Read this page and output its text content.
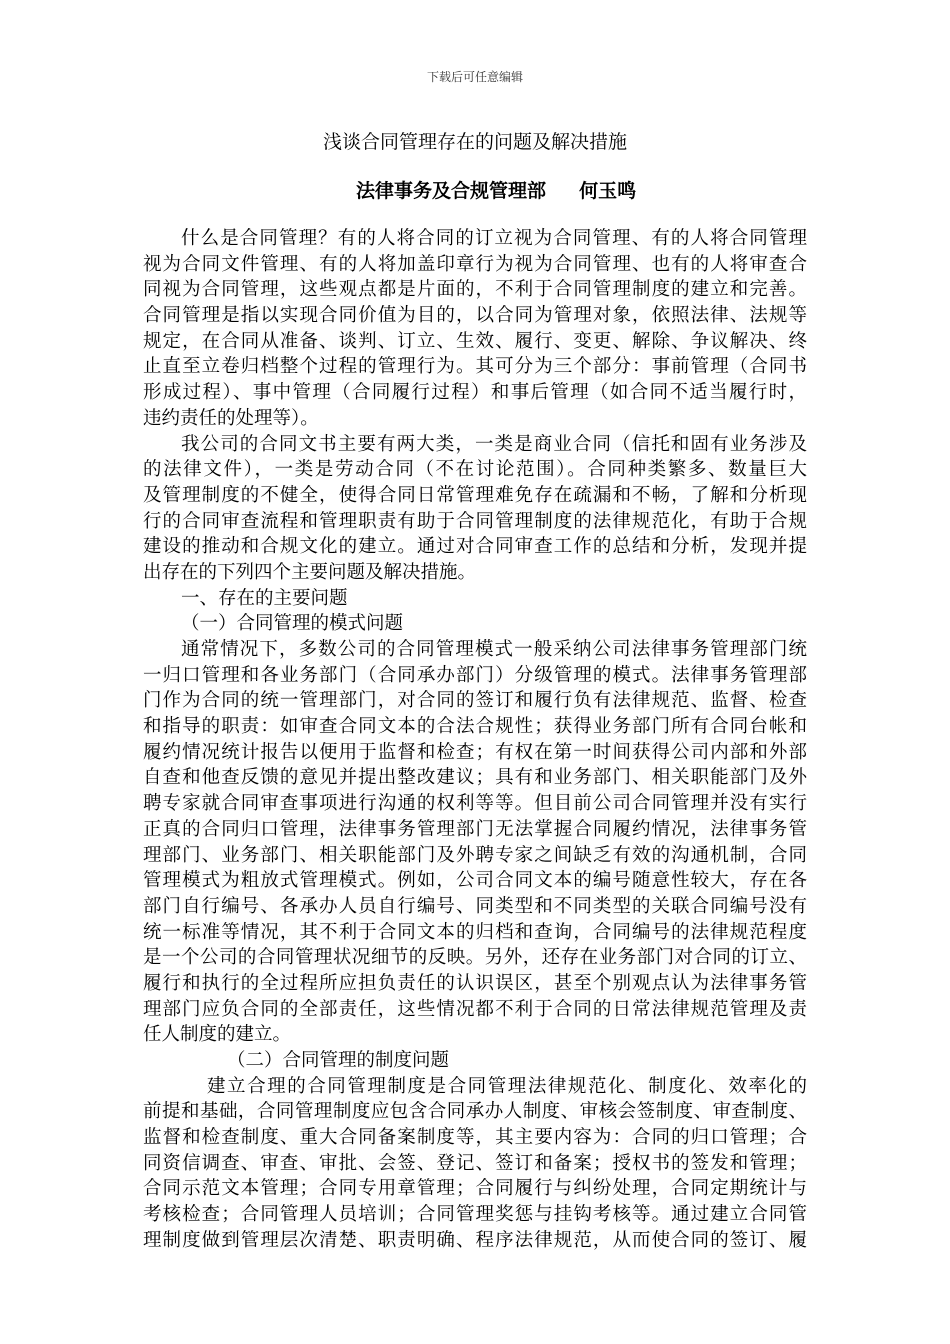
下载后可任意编辑
浅谈合同管理存在的问题及解决措施
法律事务及合规管理部     何玉鸣
什么是合同管理？有的人将合同的订立视为合同管理、有的人将合同管理
视为合同文件管理、有的人将加盖印章行为视为合同管理、也有的人将审查合
同视为合同管理，这些观点都是片面的，不利于合同管理制度的建立和完善。
合同管理是指以实现合同价值为目的，以合同为管理对象，依照法律、法规等
规定，在合同从准备、谈判、订立、生效、履行、变更、解除、争议解决、终
止直至立卷归档整个过程的管理行为。其可分为三个部分：事前管理（合同书
形成过程）、事中管理（合同履行过程）和事后管理（如合同不适当履行时，
违约责任的处理等）。
我公司的合同文书主要有两大类，一类是商业合同（信托和固有业务涉及
的法律文件），一类是劳动合同（不在讨论范围）。合同种类繁多、数量巨大
及管理制度的不健全，使得合同日常管理难免存在疏漏和不畅，了解和分析现
行的合同审查流程和管理职责有助于合同管理制度的法律规范化，有助于合规
建设的推动和合规文化的建立。通过对合同审查工作的总结和分析，发现并提
出存在的下列四个主要问题及解决措施。
一、存在的主要问题
（一）合同管理的模式问题
通常情况下，多数公司的合同管理模式一般采纳公司法律事务管理部门统
一归口管理和各业务部门（合同承办部门）分级管理的模式。法律事务管理部
门作为合同的统一管理部门，对合同的签订和履行负有法律规范、监督、检查
和指导的职责：如审查合同文本的合法合规性；获得业务部门所有合同台帐和
履约情况统计报告以便用于监督和检查；有权在第一时间获得公司内部和外部
自查和他查反馈的意见并提出整改建议；具有和业务部门、相关职能部门及外
聘专家就合同审查事项进行沟通的权利等等。但目前公司合同管理并没有实行
正真的合同归口管理，法律事务管理部门无法掌握合同履约情况，法律事务管
理部门、业务部门、相关职能部门及外聘专家之间缺乏有效的沟通机制，合同
管理模式为粗放式管理模式。例如，公司合同文本的编号随意性较大，存在各
部门自行编号、各承办人员自行编号、同类型和不同类型的关联合同编号没有
统一标准等情况，其不利于合同文本的归档和查询，合同编号的法律规范程度
是一个公司的合同管理状况细节的反映。另外，还存在业务部门对合同的订立、
履行和执行的全过程所应担负责任的认识误区，甚至个别观点认为法律事务管
理部门应负合同的全部责任，这些情况都不利于合同的日常法律规范管理及责
任人制度的建立。
（二）合同管理的制度问题
建立合理的合同管理制度是合同管理法律规范化、制度化、效率化的
前提和基础，合同管理制度应包含合同承办人制度、审核会签制度、审查制度、
监督和检查制度、重大合同备案制度等，其主要内容为：合同的归口管理；合
同资信调查、审查、审批、会签、登记、签订和备案；授权书的签发和管理；
合同示范文本管理；合同专用章管理；合同履行与纠纷处理，合同定期统计与
考核检查；合同管理人员培训；合同管理奖惩与挂钩考核等。通过建立合同管
理制度做到管理层次清楚、职责明确、程序法律规范，从而使合同的签订、履
